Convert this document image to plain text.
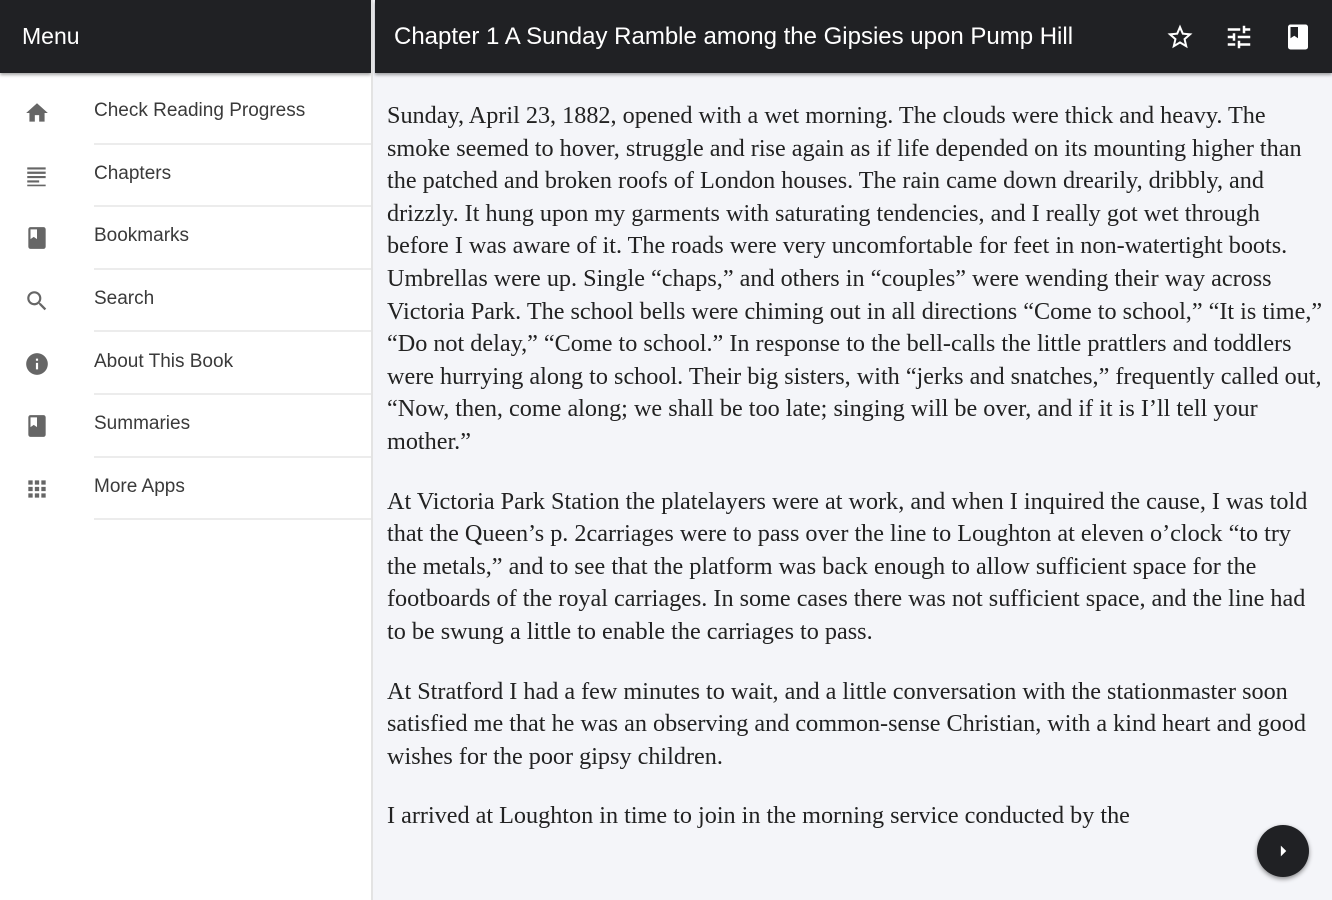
Menu
Check Reading Progress
Chapters
Bookmarks
Search
About This Book
Summaries
More Apps
Chapter 1 A Sunday Ramble among the Gipsies upon Pump Hill

Sunday, April 23, 1882, opened with a wet morning. The clouds were thick and heavy. The smoke seemed to hover, struggle and rise again as if life depended on its mounting higher than the patched and broken roofs of London houses. The rain came down drearily, dribbly, and drizzly. It hung upon my garments with saturating tendencies, and I really got wet through before I was aware of it. The roads were very uncomfortable for feet in non-watertight boots. Umbrellas were up. Single “chaps,” and others in “couples” were wending their way across Victoria Park. The school bells were chiming out in all directions “Come to school,” “It is time,” “Do not delay,” “Come to school.” In response to the bell-calls the little prattlers and toddlers were hurrying along to school. Their big sisters, with “jerks and snatches,” frequently called out, “Now, then, come along; we shall be too late; singing will be over, and if it is I’ll tell your mother.”

At Victoria Park Station the platelayers were at work, and when I inquired the cause, I was told that the Queen’s p. 2carriages were to pass over the line to Loughton at eleven o’clock “to try the metals,” and to see that the platform was back enough to allow sufficient space for the footboards of the royal carriages. In some cases there was not sufficient space, and the line had to be swung a little to enable the carriages to pass.

At Stratford I had a few minutes to wait, and a little conversation with the stationmaster soon satisfied me that he was an observing and common-sense Christian, with a kind heart and good wishes for the poor gipsy children.

I arrived at Loughton in time to join in the morning service conducted by the
